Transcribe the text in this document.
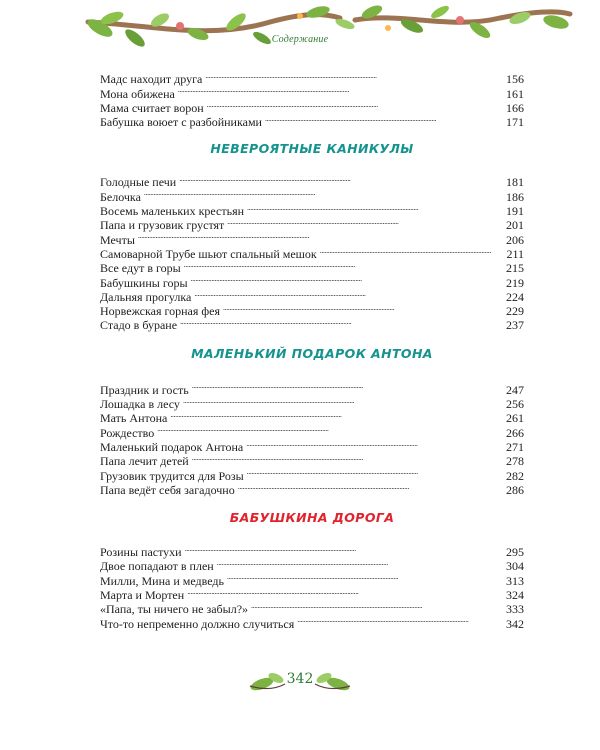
Содержание
Мадс находит друга . . .	156
Мона обижена . . .	161
Мама считает ворон . . .	166
Бабушка воюет с разбойниками . . .	171
НЕВЕРОЯТНЫЕ КАНИКУЛЫ
Голодные печи . . .	181
Белочка . . .	186
Восемь маленьких крестьян . . .	191
Папа и грузовик грустят . . .	201
Мечты . . .	206
Самоварной Трубе шьют спальный мешок . . .	211
Все едут в горы . . .	215
Бабушкины горы . . .	219
Дальняя прогулка . . .	224
Норвежская горная фея . . .	229
Стадо в буране . . .	237
МАЛЕНЬКИЙ ПОДАРОК АНТОНА
Праздник и гость . . .	247
Лошадка в лесу . . .	256
Мать Антона . . .	261
Рождество . . .	266
Маленький подарок Антона . . .	271
Папа лечит детей . . .	278
Грузовик трудится для Розы . . .	282
Папа ведёт себя загадочно . . .	286
БАБУШКИНА ДОРОГА
Розины пастухи . . .	295
Двое попадают в плен . . .	304
Милли, Мина и медведь . . .	313
Марта и Мортен . . .	324
«Папа, ты ничего не забыл?» . . .	333
Что-то непременно должно случиться . . .	342
342
